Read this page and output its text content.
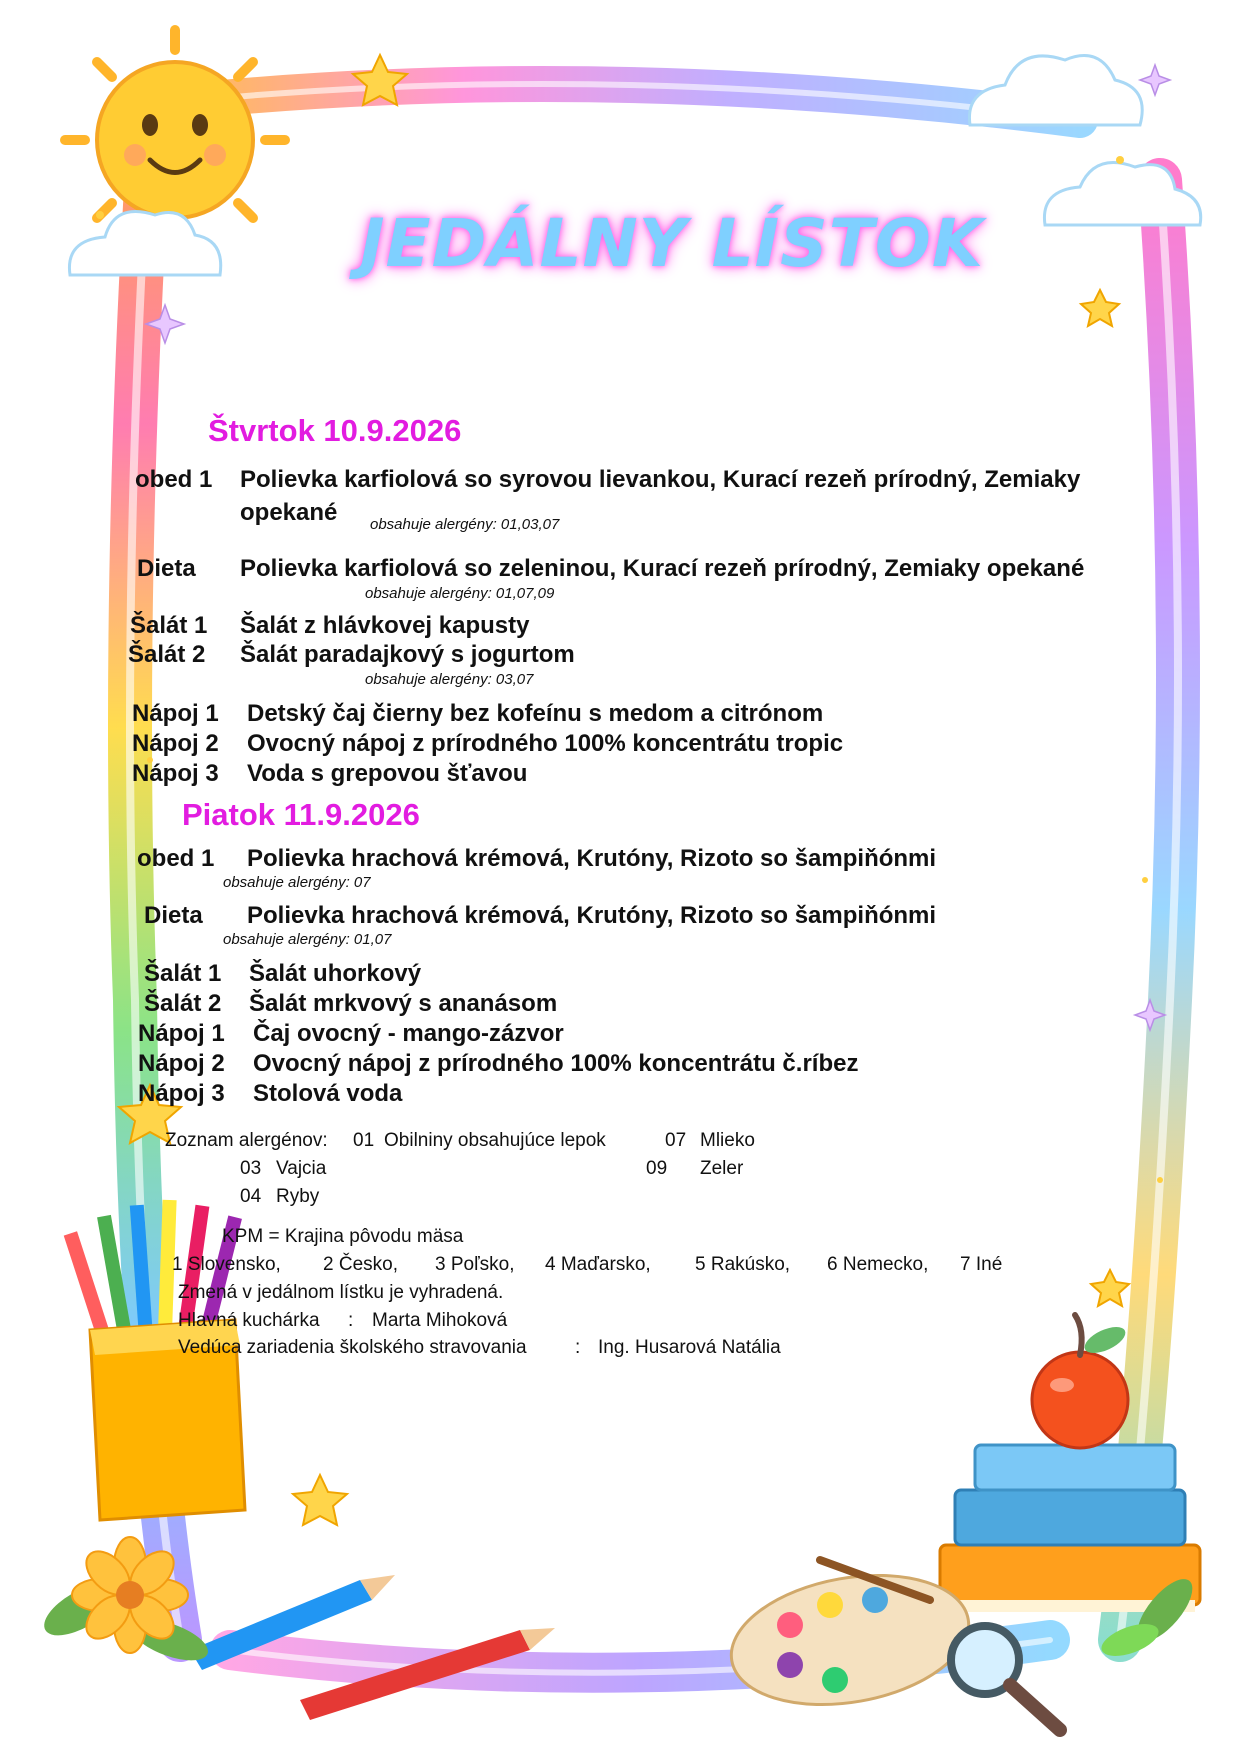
JEDÁLNY LÍSTOK
Štvrtok 10.9.2026
obed 1 Polievka karfiolová so syrovou lievankou, Kurací rezeň prírodný, Zemiaky opekané	obsahuje alergény: 01,03,07
Dieta Polievka karfiolová so zeleninou, Kurací rezeň prírodný, Zemiaky opekané
obsahuje alergény: 01,07,09
Šalát 1 Šalát z hlávkovej kapusty
Šalát 2 Šalát paradajkový s jogurtom
obsahuje alergény: 03,07
Nápoj 1 Detský čaj čierny bez kofeínu s medom a citrónom
Nápoj 2 Ovocný nápoj z prírodného 100% koncentrátu tropic
Nápoj 3 Voda s grepovou šťavou
Piatok 11.9.2026
obed 1 Polievka hrachová krémová, Krutóny, Rizoto so šampiňónmi
obsahuje alergény: 07
Dieta Polievka hrachová krémová, Krutóny, Rizoto so šampiňónmi
obsahuje alergény: 01,07
Šalát 1 Šalát uhorkový
Šalát 2 Šalát mrkvový s ananásom
Nápoj 1 Čaj ovocný - mango-zázvor
Nápoj 2 Ovocný nápoj z prírodného 100% koncentrátu č.ríbez
Nápoj 3 Stolová voda
Zoznam alergénov: 01 Obilniny obsahujúce lepok	07 Mlieko
03 Vajcia	09 Zeler
04 Ryby
KPM = Krajina pôvodu mäsa
1 Slovensko, 2 Česko, 3 Poľsko, 4 Maďarsko, 5 Rakúsko, 6 Nemecko, 7 Iné
Zmená v jedálnom lístku je vyhradená.
Hlavná kuchárka : Marta Mihoková
Vedúca zariadenia školského stravovania	: Ing. Husarová Natália
